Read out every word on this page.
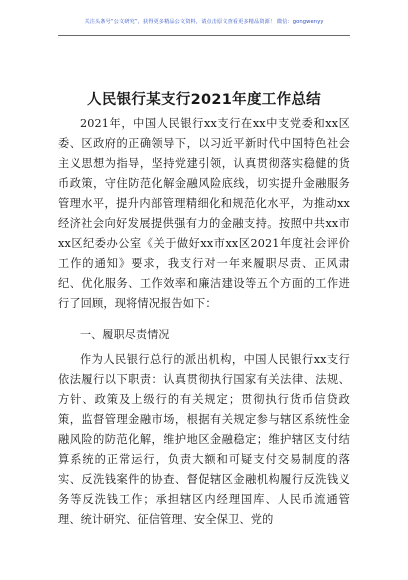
关注头条号“公文研究”，获得更多精品公文资料，请点击原文查看更多精品资源！ 微信：gongwenyy
人民银行某支行2021年度工作总结
2021年，中国人民银行xx支行在xx中支党委和xx区委、区政府的正确领导下，以习近平新时代中国特色社会主义思想为指导，坚持党建引领，认真贯彻落实稳健的货币政策，守住防范化解金融风险底线，切实提升金融服务管理水平，提升内部管理精细化和规范化水平，为推动xx经济社会向好发展提供强有力的金融支持。按照中共xx市xx区纪委办公室《关于做好xx市xx区2021年度社会评价工作的通知》要求，我支行对一年来履职尽责、正风肃纪、优化服务、工作效率和廉洁建设等五个方面的工作进行了回顾，现将情况报告如下：
一、履职尽责情况
作为人民银行总行的派出机构，中国人民银行xx支行依法履行以下职责：认真贯彻执行国家有关法律、法规、方针、政策及上级行的有关规定；贯彻执行货币信贷政策，监督管理金融市场，根据有关规定参与辖区系统性金融风险的防范化解，维护地区金融稳定；维护辖区支付结算系统的正常运行，负责大额和可疑支付交易制度的落实、反洗钱案件的协查、督促辖区金融机构履行反洗钱义务等反洗钱工作；承担辖区内经理国库、人民币流通管理、统计研究、征信管理、安全保卫、党的
